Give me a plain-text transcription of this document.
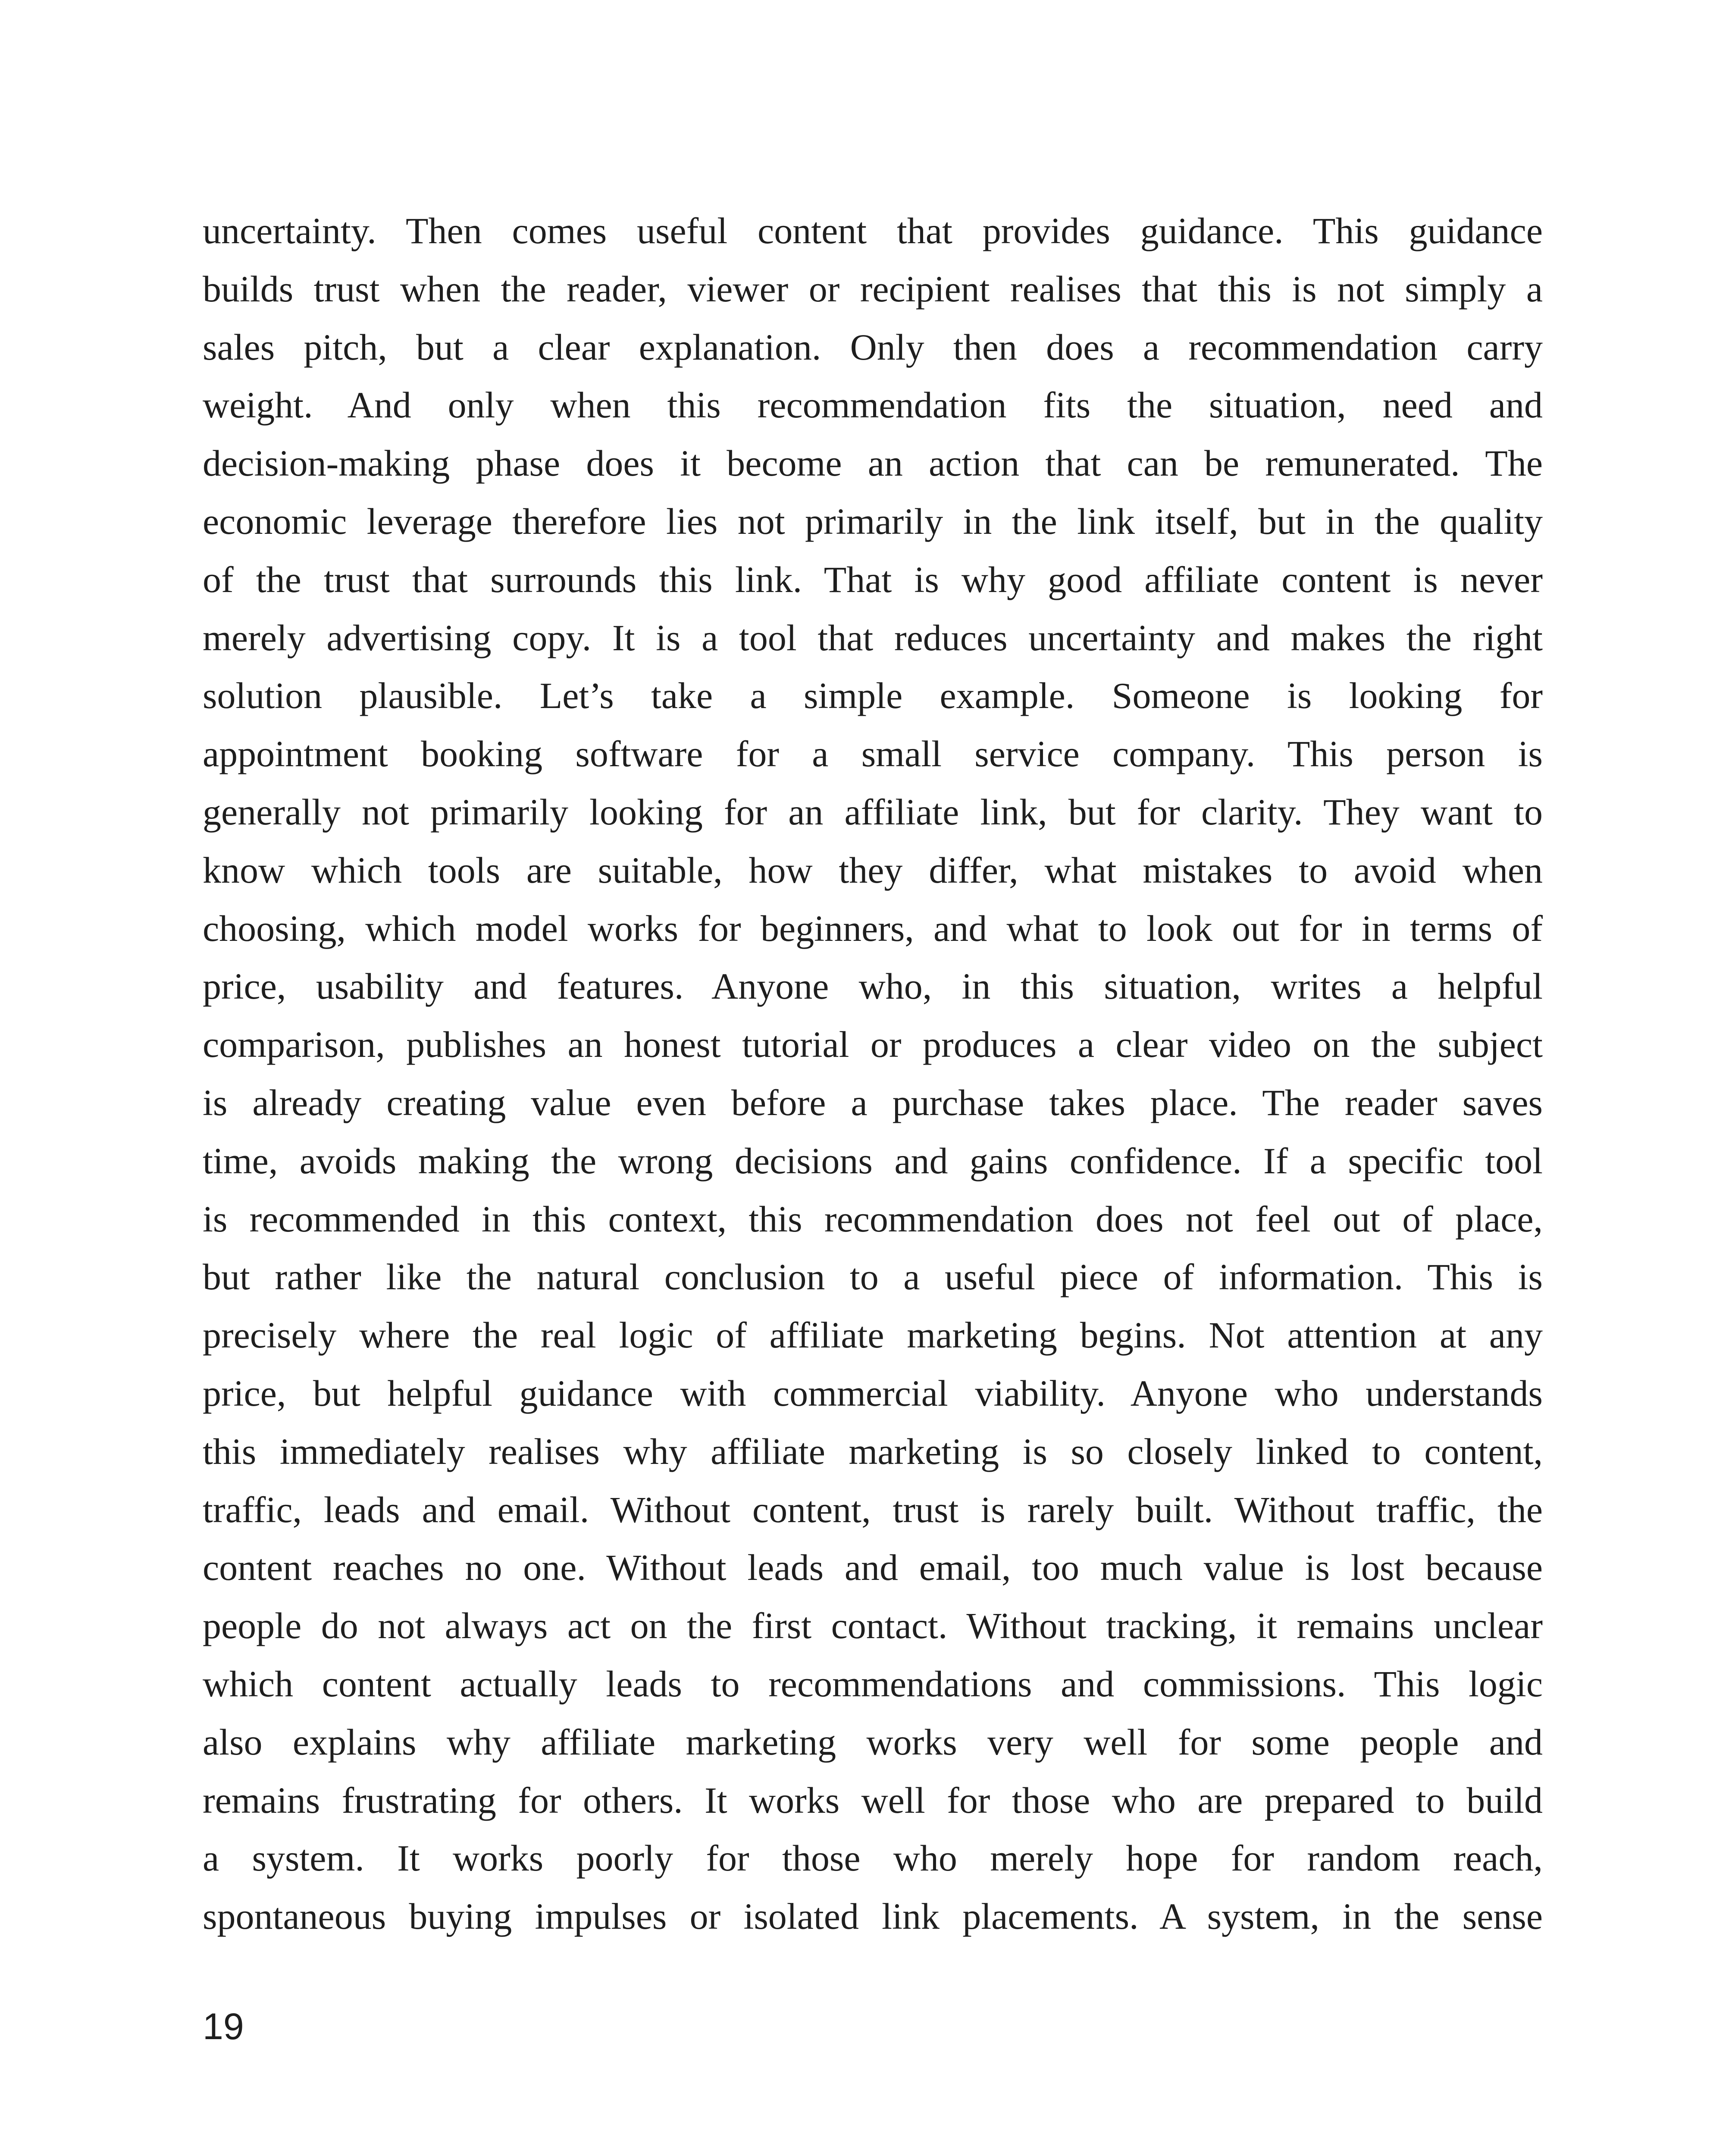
uncertainty. Then comes useful content that provides guidance. This guidance
builds trust when the reader, viewer or recipient realises that this is not simply a
sales pitch, but a clear explanation. Only then does a recommendation carry
weight. And only when this recommendation fits the situation, need and
decision-making phase does it become an action that can be remunerated. The
economic leverage therefore lies not primarily in the link itself, but in the quality
of the trust that surrounds this link. That is why good affiliate content is never
merely advertising copy. It is a tool that reduces uncertainty and makes the right
solution plausible. Let’s take a simple example. Someone is looking for
appointment booking software for a small service company. This person is
generally not primarily looking for an affiliate link, but for clarity. They want to
know which tools are suitable, how they differ, what mistakes to avoid when
choosing, which model works for beginners, and what to look out for in terms of
price, usability and features. Anyone who, in this situation, writes a helpful
comparison, publishes an honest tutorial or produces a clear video on the subject
is already creating value even before a purchase takes place. The reader saves
time, avoids making the wrong decisions and gains confidence. If a specific tool
is recommended in this context, this recommendation does not feel out of place,
but rather like the natural conclusion to a useful piece of information. This is
precisely where the real logic of affiliate marketing begins. Not attention at any
price, but helpful guidance with commercial viability. Anyone who understands
this immediately realises why affiliate marketing is so closely linked to content,
traffic, leads and email. Without content, trust is rarely built. Without traffic, the
content reaches no one. Without leads and email, too much value is lost because
people do not always act on the first contact. Without tracking, it remains unclear
which content actually leads to recommendations and commissions. This logic
also explains why affiliate marketing works very well for some people and
remains frustrating for others. It works well for those who are prepared to build
a system. It works poorly for those who merely hope for random reach,
spontaneous buying impulses or isolated link placements. A system, in the sense
19
